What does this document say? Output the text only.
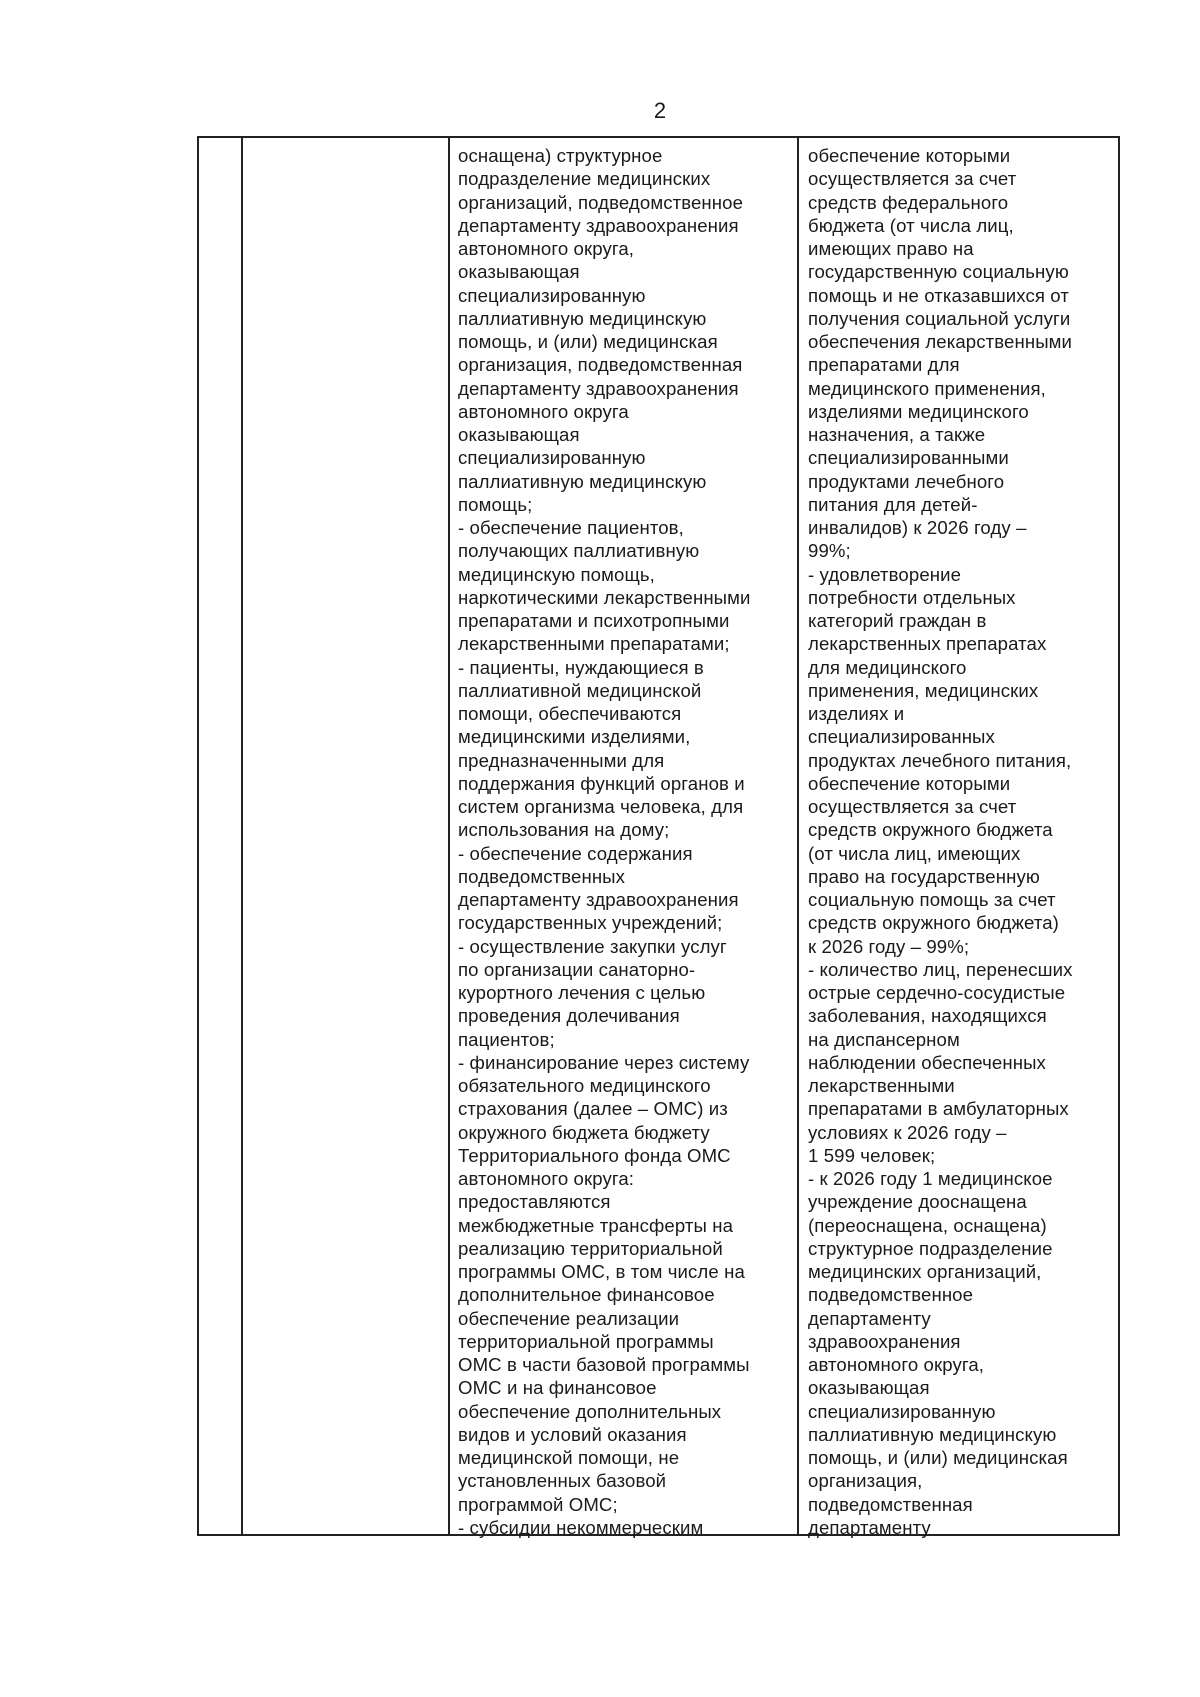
2
оснащена) структурное
подразделение медицинских
организаций, подведомственное
департаменту здравоохранения
автономного округа,
оказывающая
специализированную
паллиативную медицинскую
помощь, и (или) медицинская
организация, подведомственная
департаменту здравоохранения
автономного округа
оказывающая
специализированную
паллиативную медицинскую
помощь;
- обеспечение пациентов,
получающих паллиативную
медицинскую помощь,
наркотическими лекарственными
препаратами и психотропными
лекарственными препаратами;
- пациенты, нуждающиеся в
паллиативной медицинской
помощи, обеспечиваются
медицинскими изделиями,
предназначенными для
поддержания функций органов и
систем организма человека, для
использования на дому;
- обеспечение содержания
подведомственных
департаменту здравоохранения
государственных учреждений;
- осуществление закупки услуг
по организации санаторно-
курортного лечения с целью
проведения долечивания
пациентов;
- финансирование через систему
обязательного медицинского
страхования (далее – ОМС) из
окружного бюджета бюджету
Территориального фонда ОМС
автономного округа:
предоставляются
межбюджетные трансферты на
реализацию территориальной
программы ОМС, в том числе на
дополнительное финансовое
обеспечение реализации
территориальной программы
ОМС в части базовой программы
ОМС и на финансовое
обеспечение дополнительных
видов и условий оказания
медицинской помощи, не
установленных базовой
программой ОМС;
- субсидии некоммерческим
обеспечение которыми
осуществляется за счет
средств федерального
бюджета (от числа лиц,
имеющих право на
государственную социальную
помощь и не отказавшихся от
получения социальной услуги
обеспечения лекарственными
препаратами для
медицинского применения,
изделиями медицинского
назначения, а также
специализированными
продуктами лечебного
питания для детей-
инвалидов) к 2026 году –
99%;
- удовлетворение
потребности отдельных
категорий граждан в
лекарственных препаратах
для медицинского
применения, медицинских
изделиях и
специализированных
продуктах лечебного питания,
обеспечение которыми
осуществляется за счет
средств окружного бюджета
(от числа лиц, имеющих
право на государственную
социальную помощь за счет
средств окружного бюджета)
к 2026 году – 99%;
- количество лиц, перенесших
острые сердечно-сосудистые
заболевания, находящихся
на диспансерном
наблюдении обеспеченных
лекарственными
препаратами в амбулаторных
условиях к 2026 году –
1 599 человек;
- к 2026 году 1 медицинское
учреждение дооснащена
(переоснащена, оснащена)
структурное подразделение
медицинских организаций,
подведомственное
департаменту
здравоохранения
автономного округа,
оказывающая
специализированную
паллиативную медицинскую
помощь, и (или) медицинская
организация,
подведомственная
департаменту
